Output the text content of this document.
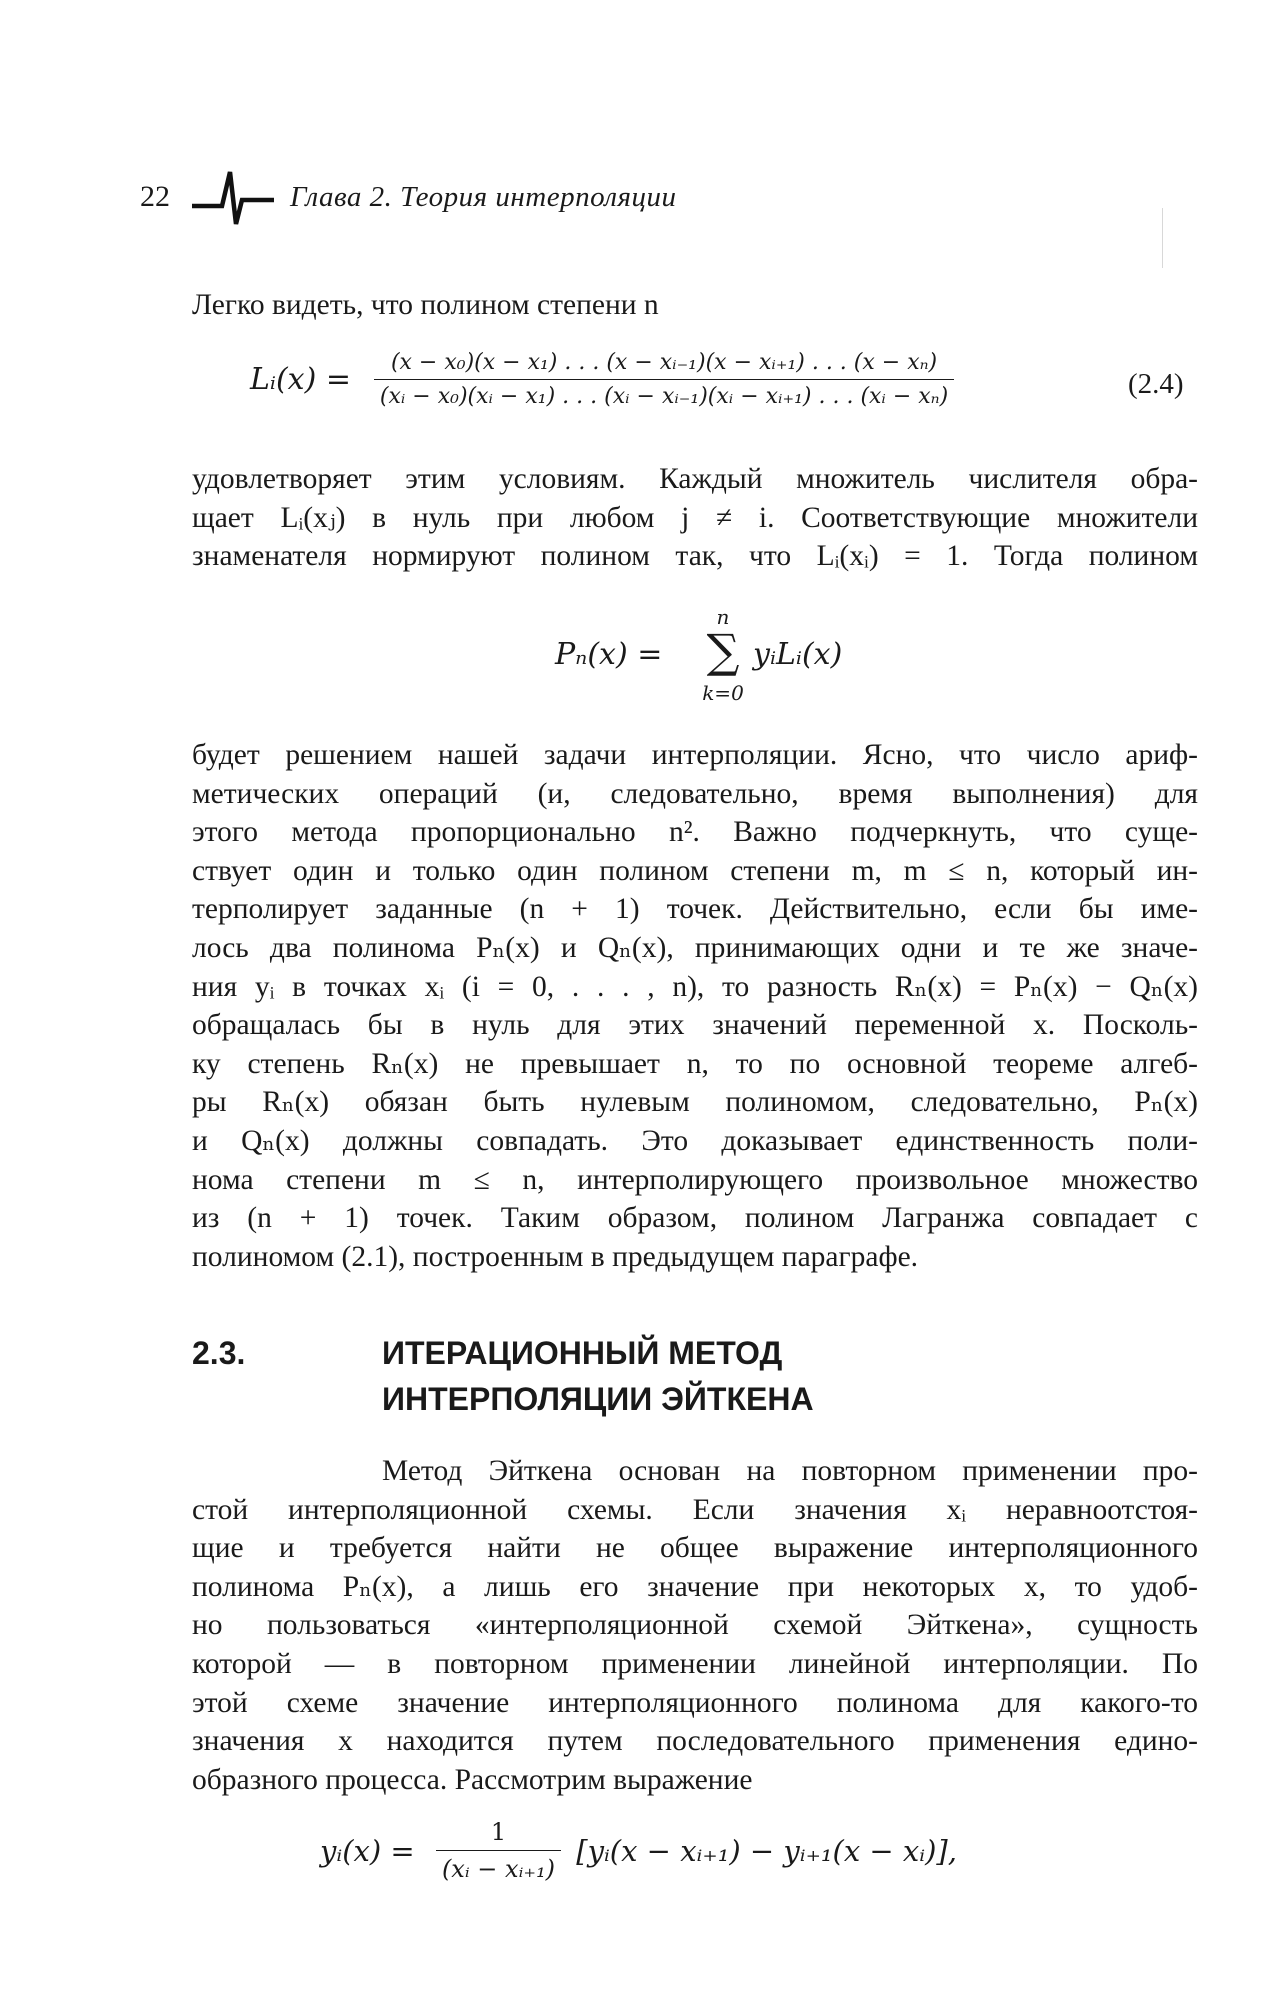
22	Глава 2. Теория интерполяции

Легко видеть, что полином степени n

Lᵢ(x) = (x − x₀)(x − x₁) . . . (x − xᵢ₋₁)(x − xᵢ₊₁) . . . (x − xₙ)
(xᵢ − x₀)(xᵢ − x₁) . . . (xᵢ − xᵢ₋₁)(xᵢ − xᵢ₊₁) . . . (xᵢ − xₙ)	(2.4)

удовлетворяет этим условиям. Каждый множитель числителя обра-
щает Lᵢ(xⱼ) в нуль при любом j ≠ i. Соответствующие множители
знаменателя нормируют полином так, что Lᵢ(xᵢ) = 1. Тогда полином

Pₙ(x) =
n
∑
k=0
yᵢLᵢ(x)

будет решением нашей задачи интерполяции. Ясно, что число ариф-
метических операций (и, следовательно, время выполнения) для
этого метода пропорционально n². Важно подчеркнуть, что суще-
ствует один и только один полином степени m, m ≤ n, который ин-
терполирует заданные (n + 1) точек. Действительно, если бы име-
лось два полинома Pₙ(x) и Qₙ(x), принимающих одни и те же значе-
ния yᵢ в точках xᵢ (i = 0, . . . , n), то разность Rₙ(x) = Pₙ(x) − Qₙ(x)
обращалась бы в нуль для этих значений переменной x. Посколь-
ку степень Rₙ(x) не превышает n, то по основной теореме алгеб-
ры Rₙ(x) обязан быть нулевым полиномом, следовательно, Pₙ(x)
и Qₙ(x) должны совпадать. Это доказывает единственность поли-
нома степени m ≤ n, интерполирующего произвольное множество
из (n + 1) точек. Таким образом, полином Лагранжа совпадает с
полиномом (2.1), построенным в предыдущем параграфе.

2.3.	ИТЕРАЦИОННЫЙ МЕТОД
ИНТЕРПОЛЯЦИИ ЭЙТКЕНА

Метод Эйткена основан на повторном применении про-
стой интерполяционной схемы. Если значения xᵢ неравноотстоя-
щие и требуется найти не общее выражение интерполяционного
полинома Pₙ(x), а лишь его значение при некоторых x, то удоб-
но пользоваться «интерполяционной схемой Эйткена», сущность
которой — в повторном применении линейной интерполяции. По
этой схеме значение интерполяционного полинома для какого-то
значения x находится путем последовательного применения едино-
образного процесса. Рассмотрим выражение

yᵢ(x) = $\frac{1}{\text{(xᵢ − xᵢ₊₁)}}$ [yᵢ(x − xᵢ₊₁) − yᵢ₊₁(x − xᵢ)],
